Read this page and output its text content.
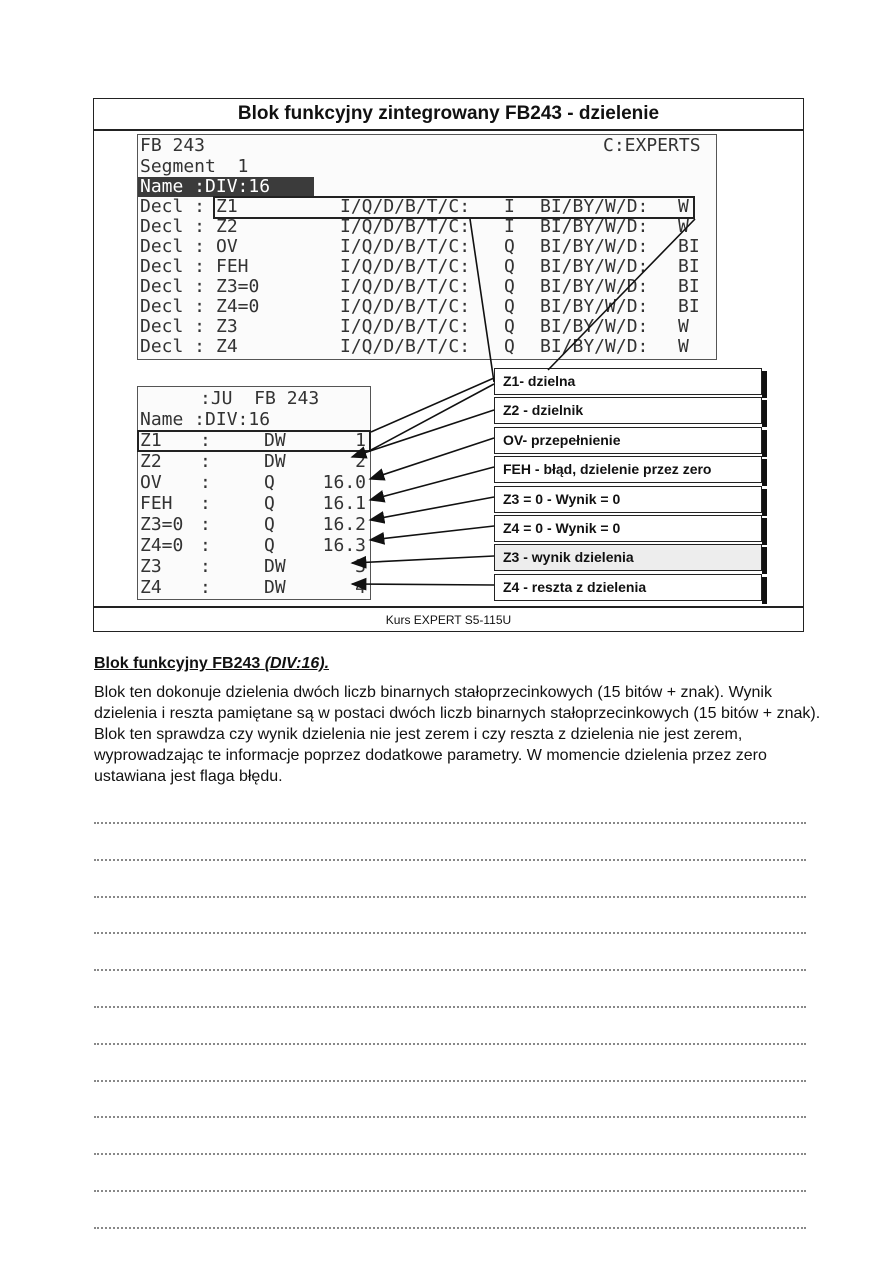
Blok funkcyjny zintegrowany FB243 - dzielenie
FB 243	C:EXPERTS
Segment  1
Name :DIV:16
Decl : Z1	I/Q/D/B/T/C: I BI/BY/W/D: W
Decl : Z2	I/Q/D/B/T/C: I BI/BY/W/D: W
Decl : OV	I/Q/D/B/T/C: Q BI/BY/W/D: BI
Decl : FEH	I/Q/D/B/T/C: Q BI/BY/W/D: BI
Decl : Z3=0	I/Q/D/B/T/C: Q BI/BY/W/D: BI
Decl : Z4=0	I/Q/D/B/T/C: Q BI/BY/W/D: BI
Decl : Z3	I/Q/D/B/T/C: Q BI/BY/W/D: W
Decl : Z4	I/Q/D/B/T/C: Q BI/BY/W/D: W
:JU  FB 243
Name :DIV:16
Z1 :	DW	1
Z2 :	DW	2
OV :	Q	16.0
FEH :	Q	16.1
Z3=0 :	Q	16.2
Z4=0 :	Q	16.3
Z3 :	DW	3
Z4 :	DW	4
Z1- dzielna
Z2 - dzielnik
OV- przepełnienie
FEH - błąd, dzielenie przez zero
Z3 = 0 - Wynik = 0
Z4 = 0 - Wynik = 0
Z3 - wynik dzielenia
Z4 - reszta z dzielenia
Kurs EXPERT S5-115U
Blok funkcyjny FB243 (DIV:16).
Blok ten dokonuje dzielenia dwóch liczb binarnych stałoprzecinkowych (15 bitów + znak). Wynik dzielenia i reszta pamiętane są w postaci dwóch liczb binarnych stałoprzecinkowych (15 bitów + znak). Blok ten sprawdza czy wynik dzielenia nie jest zerem i czy reszta z dzielenia nie jest zerem, wyprowadzając te informacje poprzez dodatkowe parametry. W momencie dzielenia przez zero ustawiana jest flaga błędu.
